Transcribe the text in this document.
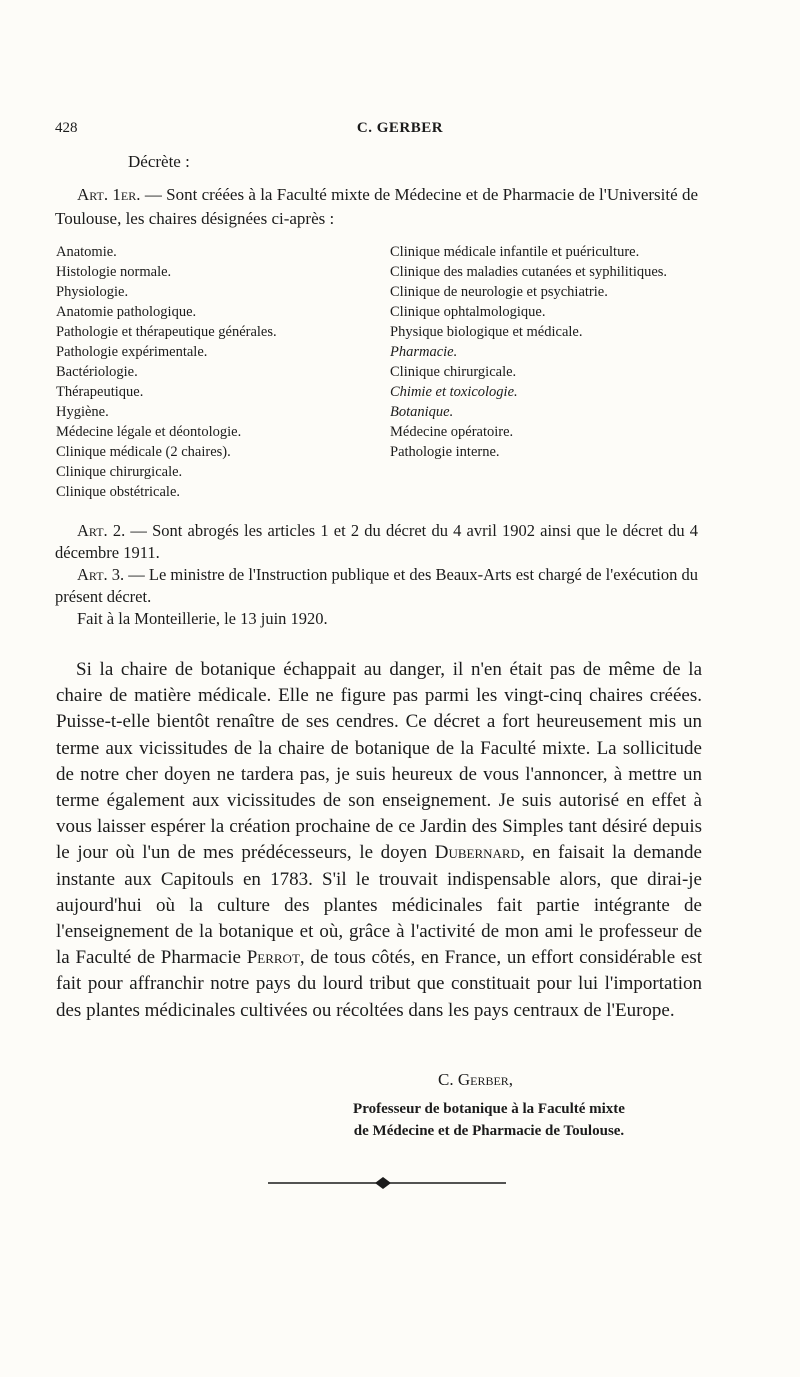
428	C. GERBER
Décrète :

Art. 1er. — Sont créées à la Faculté mixte de Médecine et de Pharmacie de l'Université de Toulouse, les chaires désignées ci-après :

Anatomie.
Histologie normale.
Physiologie.
Anatomie pathologique.
Pathologie et thérapeutique générales.
Pathologie expérimentale.
Bactériologie.
Thérapeutique.
Hygiène.
Médecine légale et déontologie.
Clinique médicale (2 chaires).
Clinique chirurgicale.
Clinique obstétricale.
Clinique médicale infantile et puériculture.
Clinique des maladies cutanées et syphilitiques.
Clinique de neurologie et psychiatrie.
Clinique ophtalmologique.
Physique biologique et médicale.
Pharmacie.
Clinique chirurgicale.
Chimie et toxicologie.
Botanique.
Médecine opératoire.
Pathologie interne.

Art. 2. — Sont abrogés les articles 1 et 2 du décret du 4 avril 1902 ainsi que le décret du 4 décembre 1911.

Art. 3. — Le ministre de l'Instruction publique et des Beaux-Arts est chargé de l'exécution du présent décret.

Fait à la Monteillerie, le 13 juin 1920.

Si la chaire de botanique échappait au danger, il n'en était pas de même de la chaire de matière médicale. Elle ne figure pas parmi les vingt-cinq chaires créées. Puisse-t-elle bientôt renaître de ses cendres. Ce décret a fort heureusement mis un terme aux vicissitudes de la chaire de botanique de la Faculté mixte. La sollicitude de notre cher doyen ne tardera pas, je suis heureux de vous l'annoncer, à mettre un terme également aux vicissitudes de son enseignement. Je suis autorisé en effet à vous laisser espérer la création prochaine de ce Jardin des Simples tant désiré depuis le jour où l'un de mes prédécesseurs, le doyen Dubernard, en faisait la demande instante aux Capitouls en 1783. S'il le trouvait indispensable alors, que dirai-je aujourd'hui où la culture des plantes médicinales fait partie intégrante de l'enseignement de la botanique et où, grâce à l'activité de mon ami le professeur de la Faculté de Pharmacie Perrot, de tous côtés, en France, un effort considérable est fait pour affranchir notre pays du lourd tribut que constituait pour lui l'importation des plantes médicinales cultivées ou récoltées dans les pays centraux de l'Europe.

C. Gerber,
Professeur de botanique à la Faculté mixte
de Médecine et de Pharmacie de Toulouse.
